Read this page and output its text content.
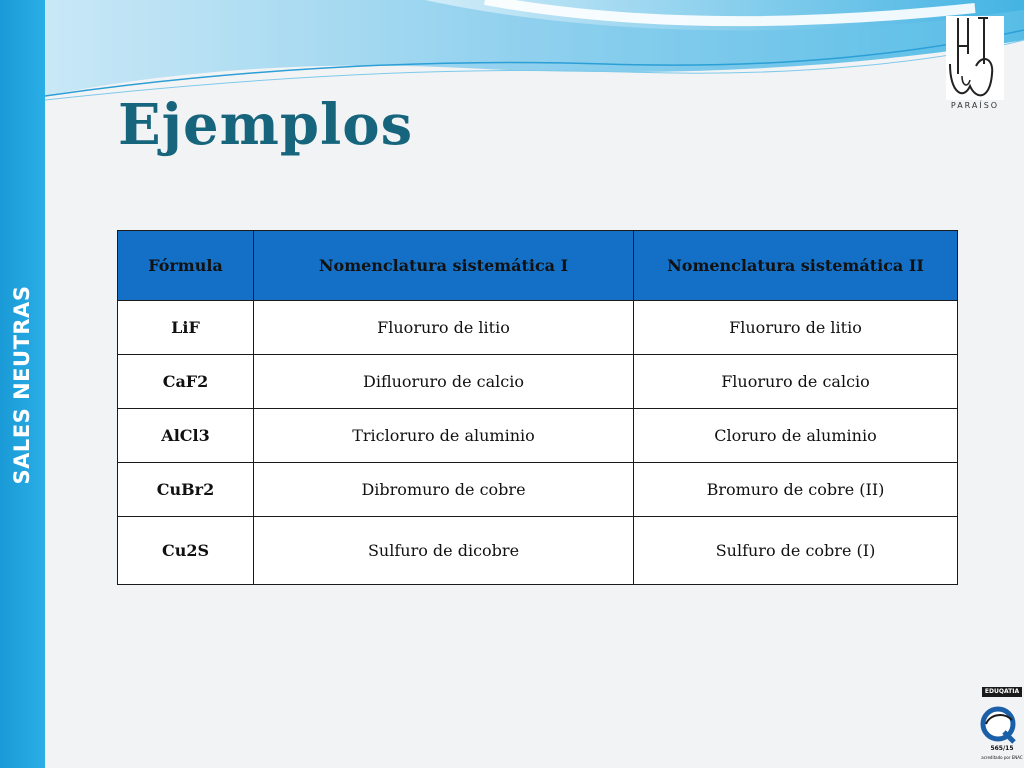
SALES NEUTRAS
Ejemplos	PARAÍSO
Fórmula	Nomenclatura sistemática I	Nomenclatura sistemática II
LiF	Fluoruro de litio	Fluoruro de litio
CaF2	Difluoruro de calcio	Fluoruro de calcio
AlCl3	Tricloruro de aluminio	Cloruro de aluminio
CuBr2	Dibromuro de cobre	Bromuro de cobre (II)
Cu2S	Sulfuro de dicobre	Sulfuro de cobre (I)
EDUQATIA
565/15
acreditado por ENAC
